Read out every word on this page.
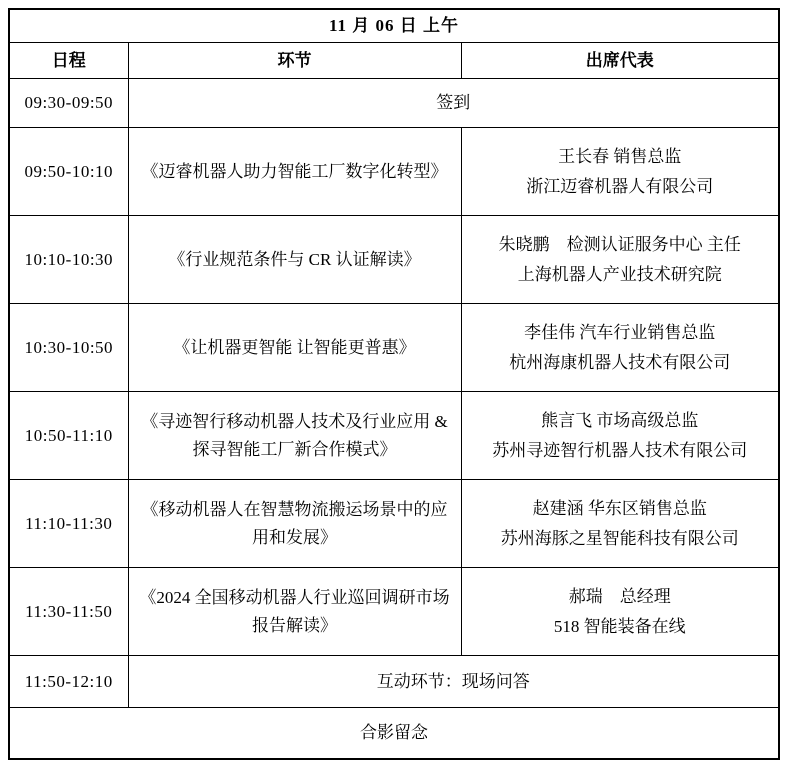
11 月 06 日 上午		
日程	环节	出席代表
09:30-09:50	签到	
09:50-10:10	《迈睿机器人助力智能工厂数字化转型》	王长春 销售总监
浙江迈睿机器人有限公司

10:10-10:30	《行业规范条件与 CR 认证解读》	朱晓鹏　检测认证服务中心 主任
上海机器人产业技术研究院

10:30-10:50	《让机器更智能 让智能更普惠》	李佳伟 汽车行业销售总监
杭州海康机器人技术有限公司

10:50-11:10	《寻迹智行移动机器人技术及行业应用 & 探寻智能工厂新合作模式》	熊言飞 市场高级总监
苏州寻迹智行机器人技术有限公司

11:10-11:30	《移动机器人在智慧物流搬运场景中的应用和发展》	赵建涵 华东区销售总监
苏州海豚之星智能科技有限公司

11:30-11:50	《2024 全国移动机器人行业巡回调研市场报告解读》	郝瑞　总经理
518 智能装备在线

11:50-12:10	互动环节：现场问答	
合影留念		
